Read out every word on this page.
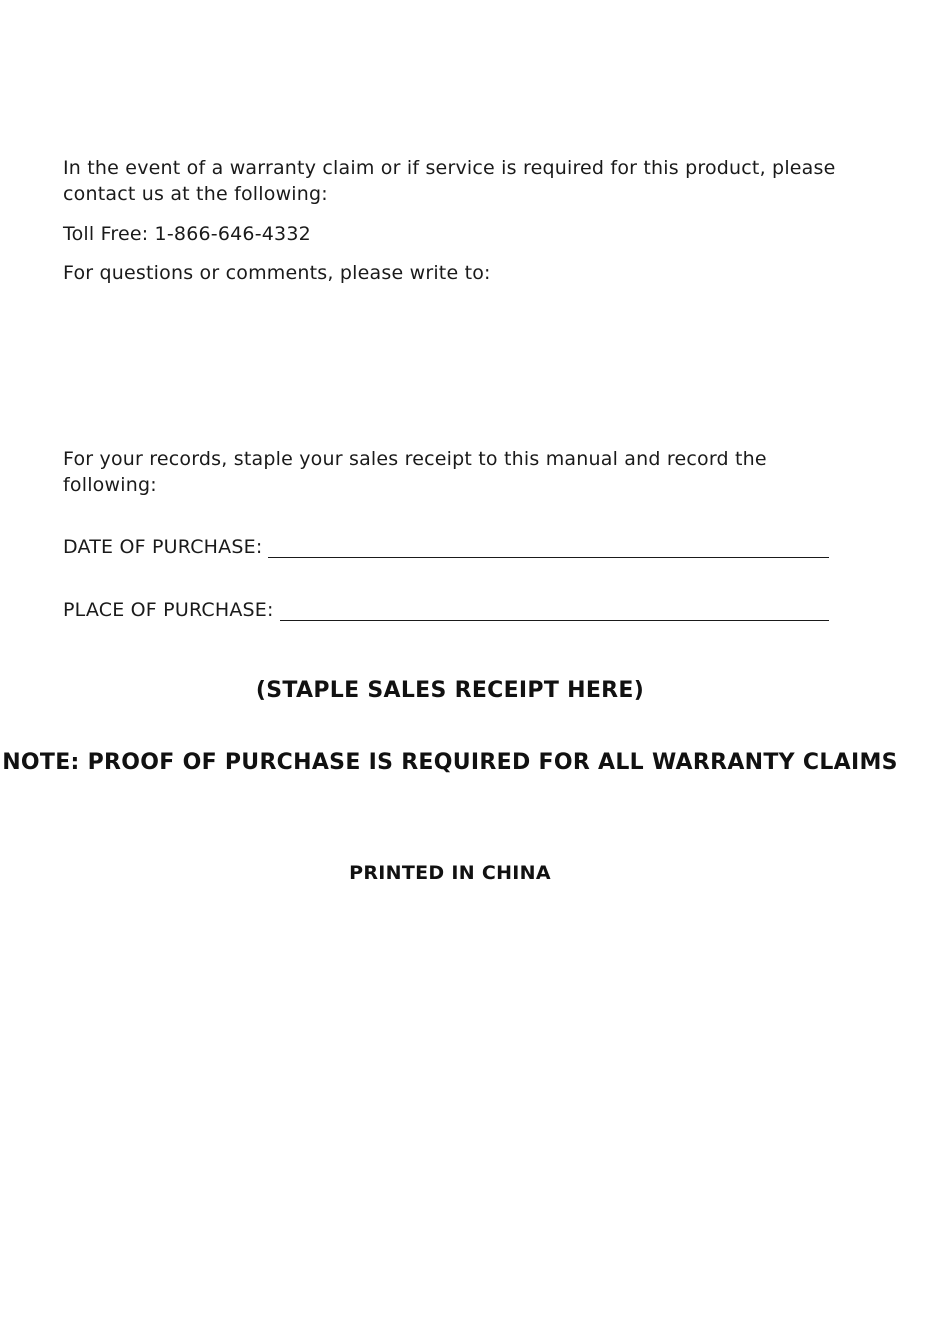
In the event of a warranty claim or if service is required for this product, please contact us at the following:

Toll Free: 1-866-646-4332

For questions or comments, please write to:

For your records, staple your sales receipt to this manual and record the following:

DATE OF PURCHASE:
PLACE OF PURCHASE:

(STAPLE SALES RECEIPT HERE)

NOTE: PROOF OF PURCHASE IS REQUIRED FOR ALL WARRANTY CLAIMS

PRINTED IN CHINA
